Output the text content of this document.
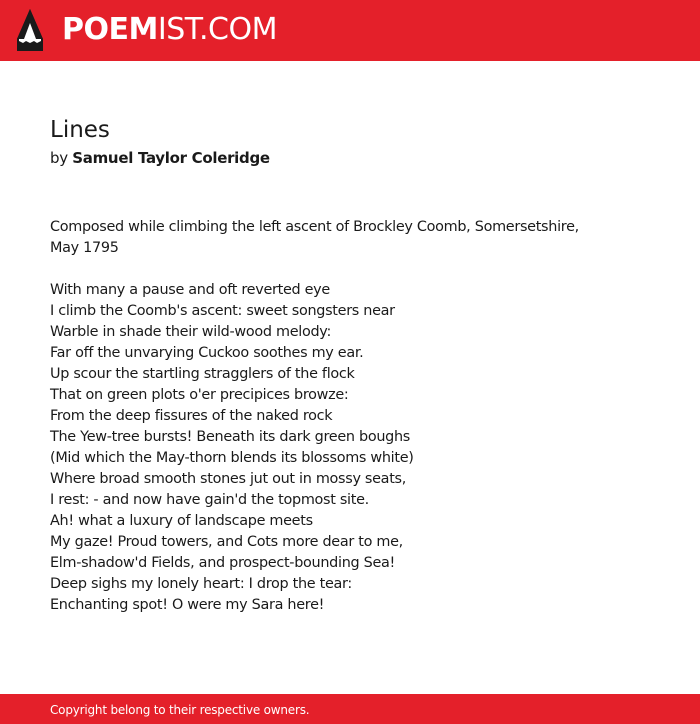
POEMIST.COM
Lines
by Samuel Taylor Coleridge

Composed while climbing the left ascent of Brockley Coomb, Somersetshire,
May 1795

With many a pause and oft reverted eye
I climb the Coomb's ascent: sweet songsters near
Warble in shade their wild-wood melody:
Far off the unvarying Cuckoo soothes my ear.
Up scour the startling stragglers of the flock
That on green plots o'er precipices browze:
From the deep fissures of the naked rock
The Yew-tree bursts! Beneath its dark green boughs
(Mid which the May-thorn blends its blossoms white)
Where broad smooth stones jut out in mossy seats,
I rest: - and now have gain'd the topmost site.
Ah! what a luxury of landscape meets
My gaze! Proud towers, and Cots more dear to me,
Elm-shadow'd Fields, and prospect-bounding Sea!
Deep sighs my lonely heart: I drop the tear:
Enchanting spot! O were my Sara here!
Copyright belong to their respective owners.
